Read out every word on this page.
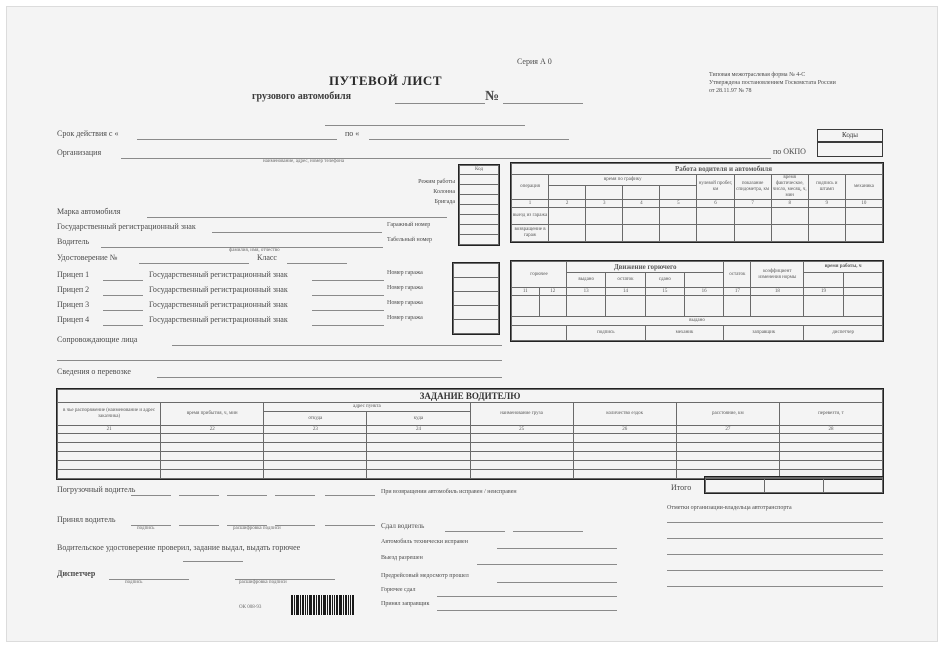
Серия А 0
ПУТЕВОЙ ЛИСТ
грузового автомобиля	№
Типовая межотраслевая форма № 4-С
Утверждена постановлением Госкомстата России
от 28.11.97 № 78
Коды
по ОКПО
Срок действия с «	по «
Организация
наименование, адрес, номер телефона
Режим работы
Колонна
Бригада
Код

Марка автомобиля
Государственный регистрационный знак	Гаражный номер
Водитель	Табельный номер
фамилия, имя, отчество
Удостоверение №	Класс

Прицеп 1	Государственный регистрационный знак	Номер гаража
Прицеп 2	Государственный регистрационный знак	Номер гаража
Прицеп 3	Государственный регистрационный знак	Номер гаража
Прицеп 4	Государственный регистрационный знак	Номер гаража
Сопровождающие лица
Сведения о перевозке
Работа водителя и автомобиля									
операция	время по графику				нулевой пробег, км	показание спидометра, км	время фактическое, число, месяц, ч, мин	подпись и штамп	механика

1	2	3	4	5	6	7	8	9	10
выезд из гаража									
возвращение в гараж									
горючее		Движение горючего				остаток	коэффициент изменения нормы	время работы, ч	
		выдано	остаток	сдано					
11	12	13	14	15	16	17	18	19	

выдано									
		подпись		механик		заправщик		диспетчер	
ЗАДАНИЕ ВОДИТЕЛЮ							
в чье распоряжение (наименование и адрес заказчика)	время прибытия, ч, мин	адрес пункта		наименование груза	количество ездок	расстояние, км	перевезти, т
		откуда	куда				
21	22	23	24	25	26	27	28

Итого

Погрузочный водитель
Принял водитель
подпись	расшифровка подписи
Водительское удостоверение проверил, задание выдал, выдать горючее
Диспетчер
подпись	расшифровка подписи
При возвращении автомобиль исправен / неисправен
Сдал водитель
Автомобиль технически исправен
Выезд разрешен
Предрейсовый медосмотр прошел
Горючее сдал
Принял заправщик
Отметки организации-владельца автотранспорта
ОК 008-93
